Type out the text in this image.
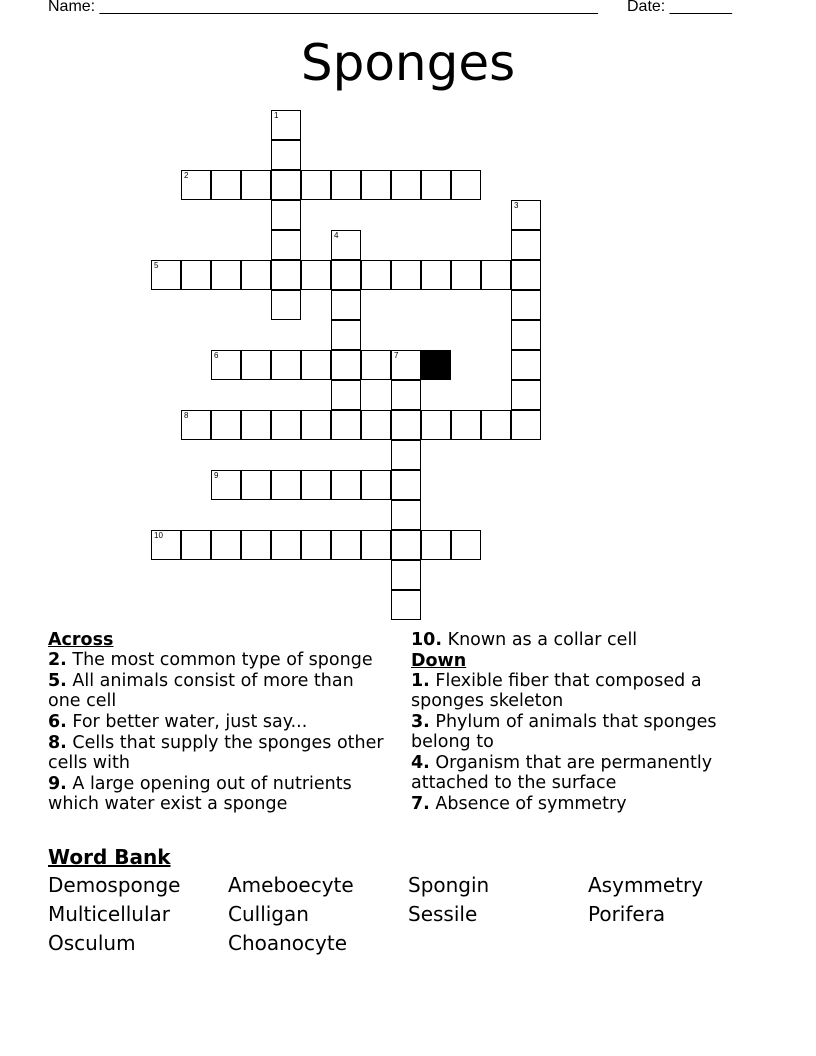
Name: ________________________________________________________ Date: _______
Sponges
1
2
3
4
5
6	7
8
9
10

Across

2. The most common type of sponge

5. All animals consist of more than one cell

6. For better water, just say...

8. Cells that supply the sponges other cells with

9. A large opening out of nutrients which water exist a sponge

10. Known as a collar cell

Down

1. Flexible fiber that composed a sponges skeleton

3. Phylum of animals that sponges belong to

4. Organism that are permanently attached to the surface

7. Absence of symmetry

Word Bank

Demosponge	Ameboecyte	Spongin	Asymmetry
Multicellular	Culligan	Sessile	Porifera
Osculum	Choanocyte
